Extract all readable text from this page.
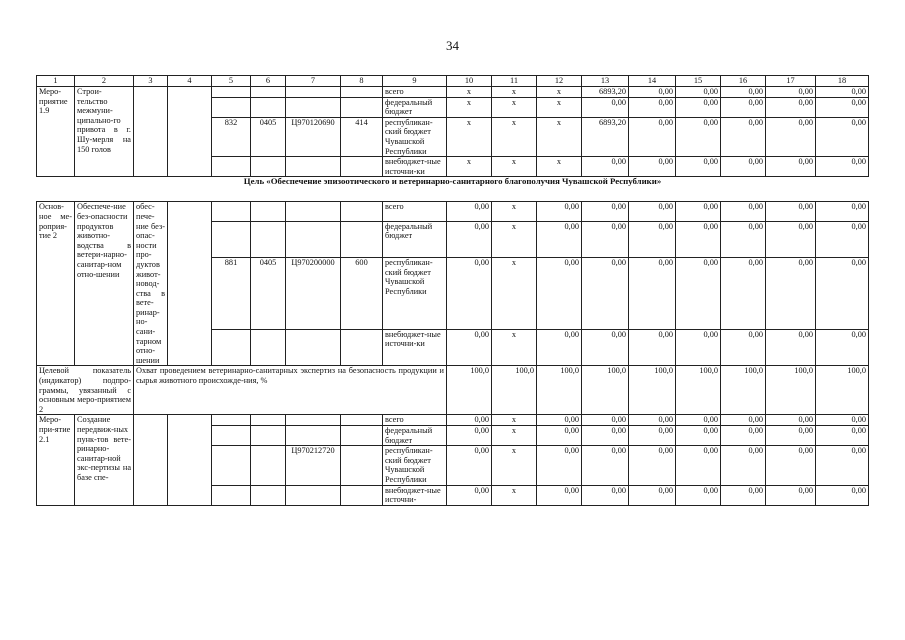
34
1	2	3	4	5	6	7	8	9	10	11	12	13	14	15	16	17	18
Меро-приятие 1.9	Строи-тельство межмуни-ципально-го привота в г. Шу-мерля на 150 голов							всего	х	х	х	6893,20	0,00	0,00	0,00	0,00	0,00
								федеральный бюджет	х	х	х	0,00	0,00	0,00	0,00	0,00	0,00
				832	0405	Ц970120690	414	республикан-ский бюджет Чувашской Республики	х	х	х	6893,20	0,00	0,00	0,00	0,00	0,00
								внебюджет-ные источни-ки	х	х	х	0,00	0,00	0,00	0,00	0,00	0,00
Цель «Обеспечение эпизоотического и ветеринарно-санитарного благополучия Чувашской Республики»																	
Основ-ное ме-роприя-тие 2	Обеспече-ние без-опасности продуктов животно-водства в ветери-нарно-санитар-ном отно-шении	обес-пече-ние без-опас-ности про-дуктов живот-новод-ства в вете-ринар-но-сани-тарном отно-шении						всего	0,00	х	0,00	0,00	0,00	0,00	0,00	0,00	0,00
								федеральный бюджет	0,00	х	0,00	0,00	0,00	0,00	0,00	0,00	0,00
				881	0405	Ц970200000	600	республикан-ский бюджет Чувашской Республики	0,00	х	0,00	0,00	0,00	0,00	0,00	0,00	0,00
								внебюджет-ные источни-ки	0,00	х	0,00	0,00	0,00	0,00	0,00	0,00	0,00
Целевой показатель (индикатор) подпро-граммы, увязанный с основным меро-приятием 2		Охват проведением ветеринарно-санитарных экспертиз на безопасность продукции и сырья животного происхожде-ния, %							100,0	100,0	100,0	100,0	100,0	100,0	100,0	100,0	100,0
Меро-при-ятие 2.1	Создание передвиж-ных пунк-тов вете-ринарно-санитар-ной экс-пертизы на базе спе-							всего	0,00	х	0,00	0,00	0,00	0,00	0,00	0,00	0,00
								федеральный бюджет	0,00	х	0,00	0,00	0,00	0,00	0,00	0,00	0,00
						Ц970212720		республикан-ский бюджет Чувашской Республики	0,00	х	0,00	0,00	0,00	0,00	0,00	0,00	0,00
								внебюджет-ные источни-	0,00	х	0,00	0,00	0,00	0,00	0,00	0,00	0,00
